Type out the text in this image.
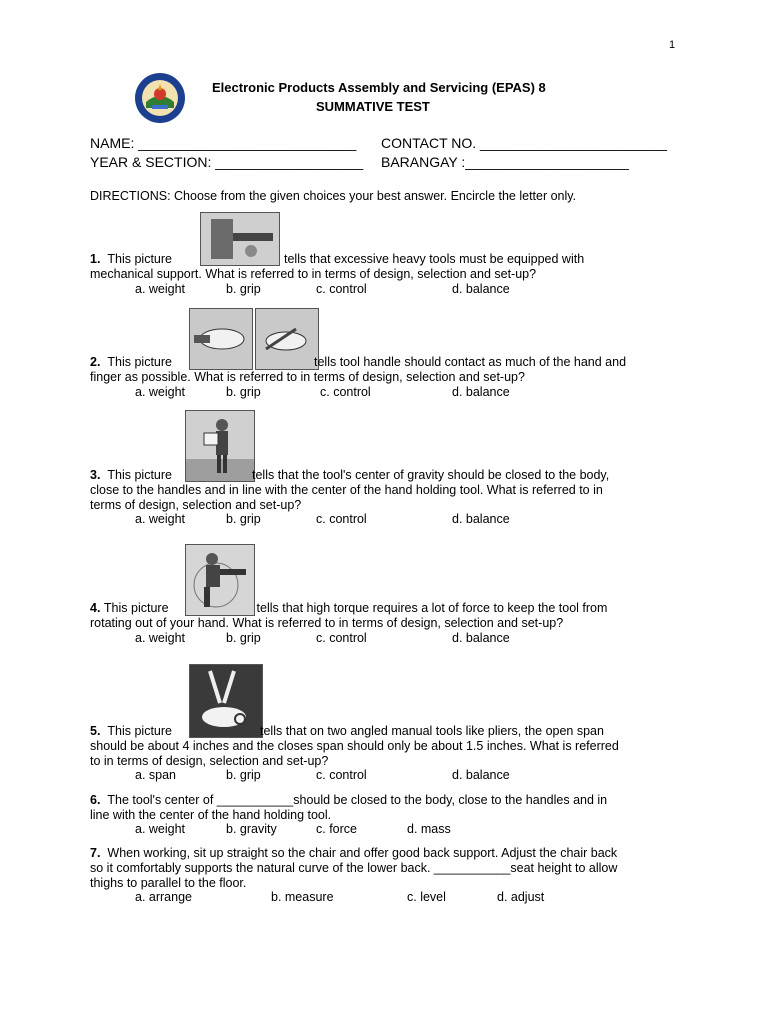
1
Electronic Products Assembly and Servicing (EPAS) 8
SUMMATIVE TEST
NAME: ____________________________ CONTACT NO. ________________________
YEAR & SECTION: ___________________ BARANGAY :_____________________
DIRECTIONS: Choose from the given choices your best answer. Encircle the letter only.
1. This picture	tells that excessive heavy tools must be equipped with
mechanical support. What is referred to in terms of design, selection and set-up?
a. weight	b. grip	c. control	d. balance
2. This picture	tells tool handle should contact as much of the hand and
finger as possible. What is referred to in terms of design, selection and set-up?
a. weight	b. grip	c. control	d. balance
3. This picture	tells that the tool's center of gravity should be closed to the body,
close to the handles and in line with the center of the hand holding tool. What is referred to in
terms of design, selection and set-up?
a. weight	b. grip	c. control	d. balance
4. This picture	tells that high torque requires a lot of force to keep the tool from
rotating out of your hand. What is referred to in terms of design, selection and set-up?
a. weight	b. grip	c. control	d. balance
5. This picture	tells that on two angled manual tools like pliers, the open span
should be about 4 inches and the closes span should only be about 1.5 inches. What is referred
to in terms of design, selection and set-up?
a. span	b. grip	c. control	d. balance
6. The tool's center of ___________should be closed to the body, close to the handles and in
line with the center of the hand holding tool.
a. weight	b. gravity	c. force	d. mass
7. When working, sit up straight so the chair and offer good back support. Adjust the chair back
so it comfortably supports the natural curve of the lower back. ___________seat height to allow
thighs to parallel to the floor.
a. arrange	b. measure	c. level	d. adjust
